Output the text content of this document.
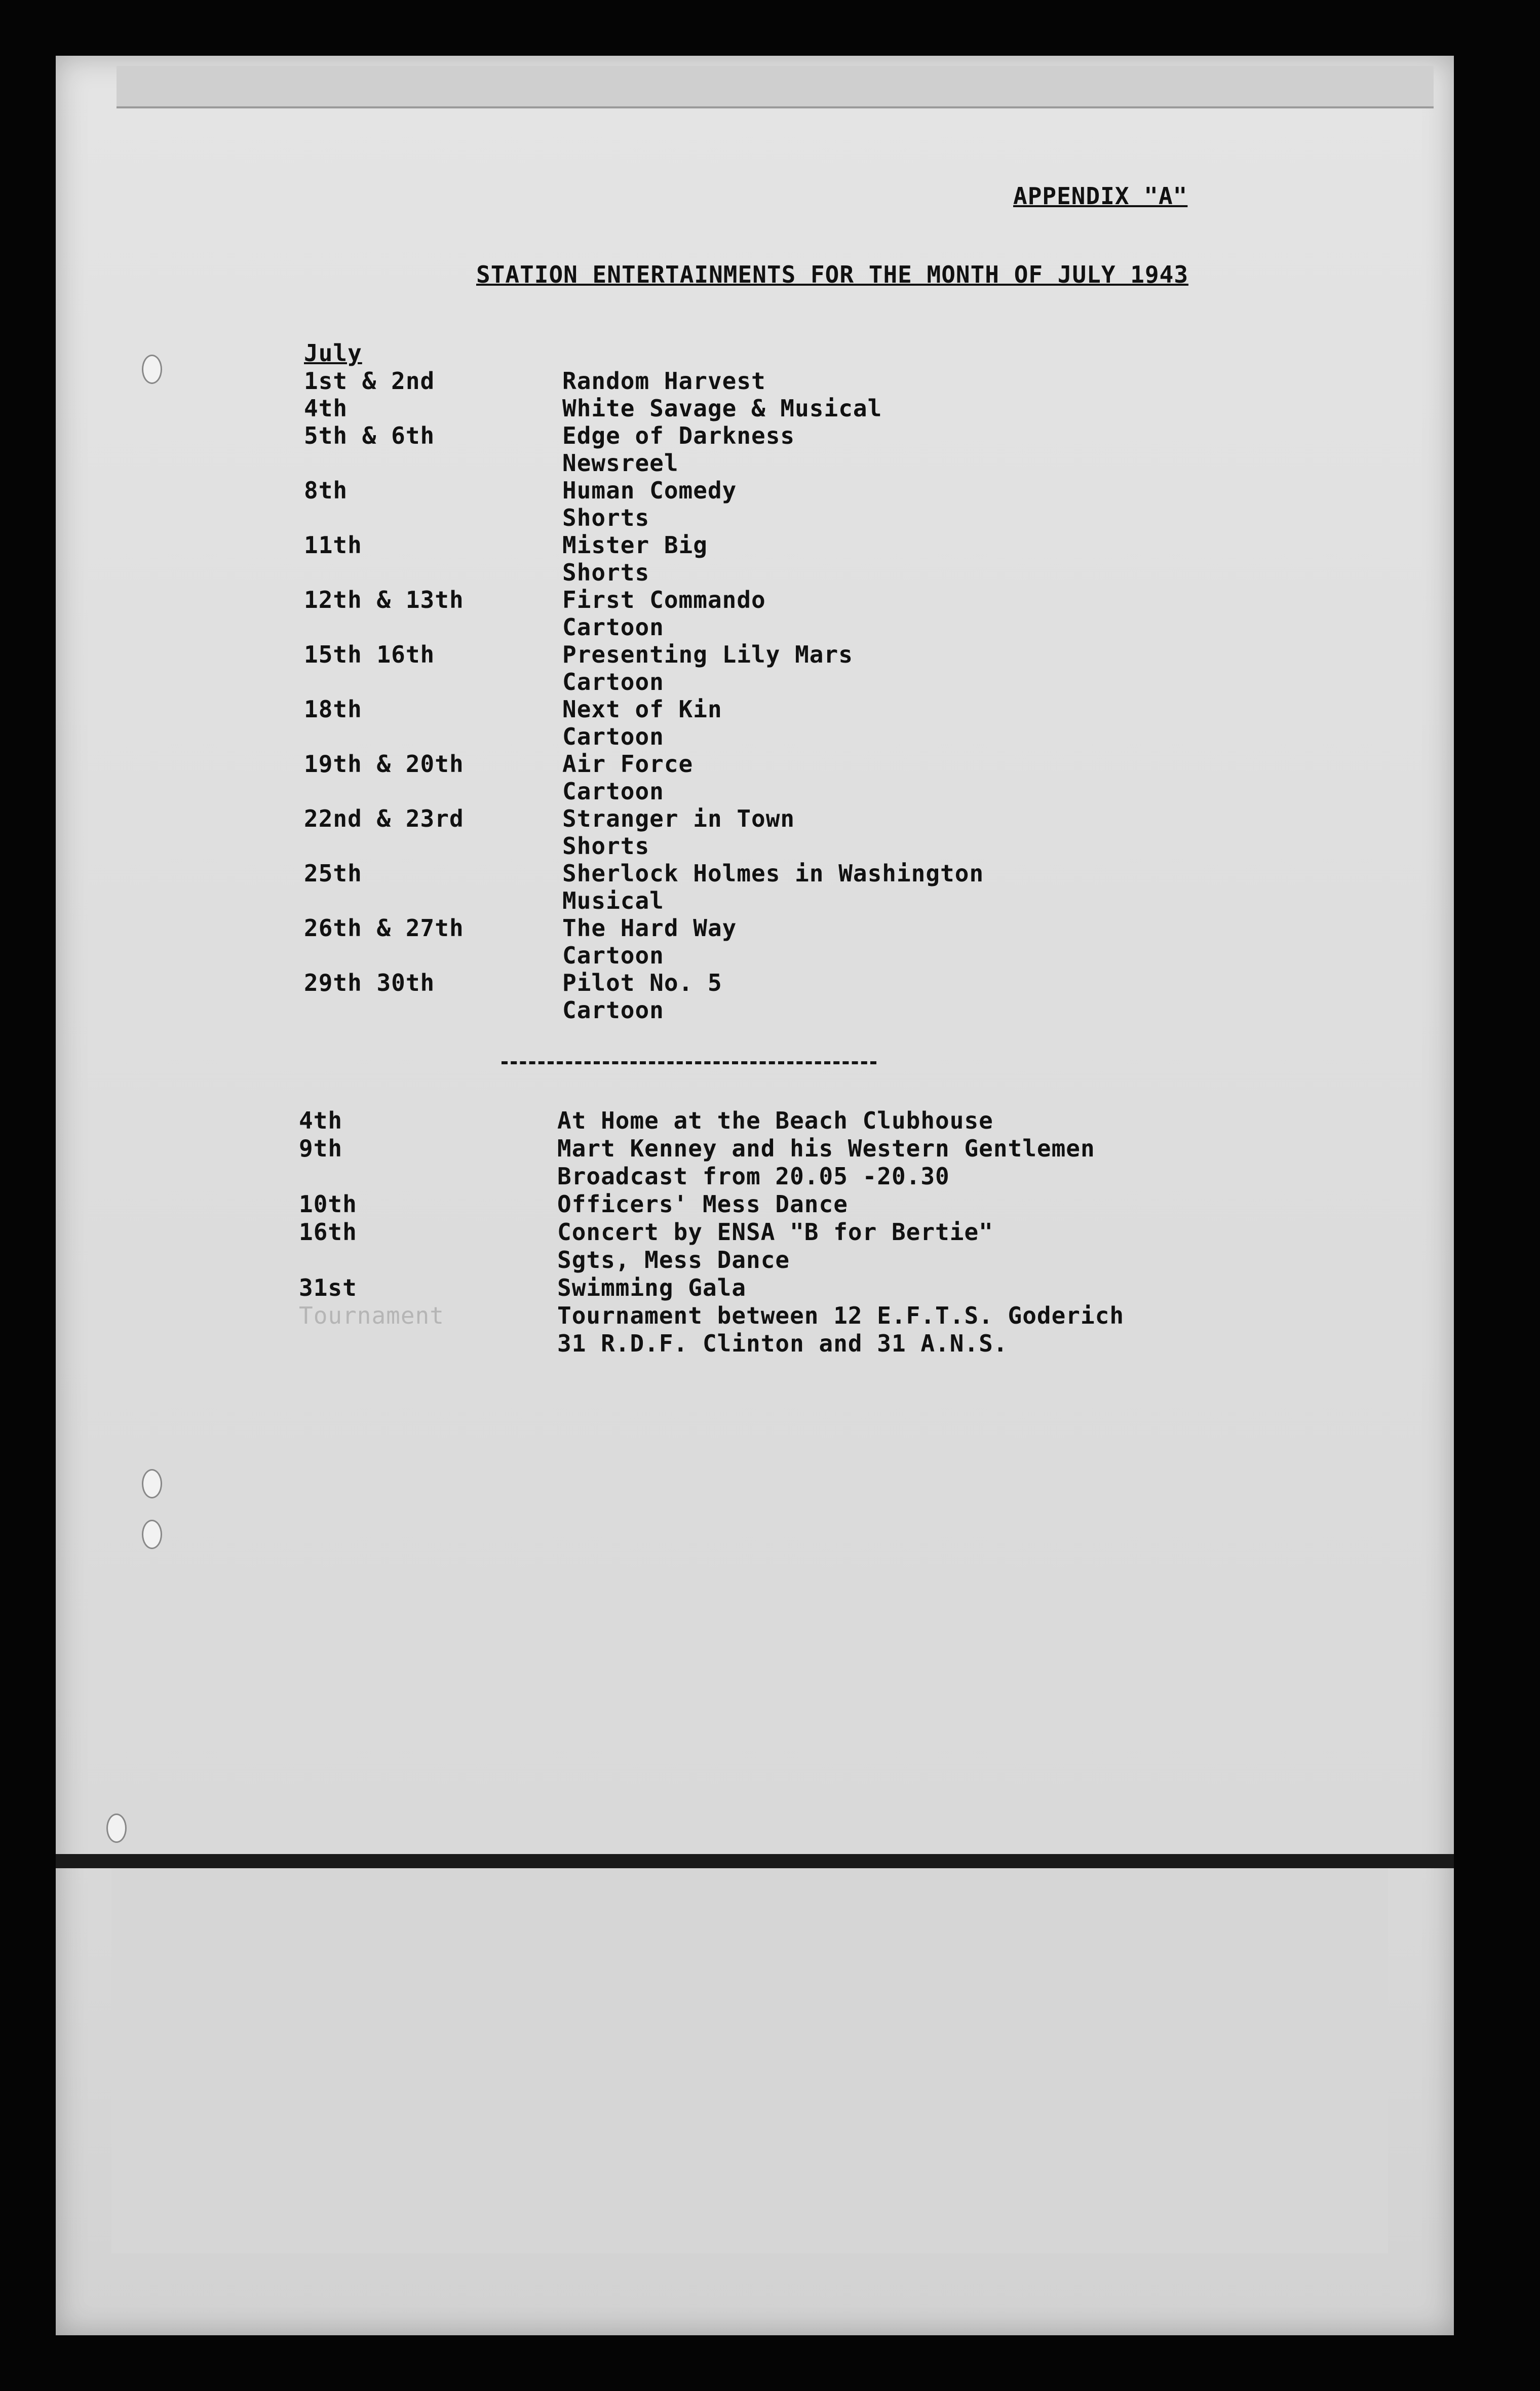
APPENDIX "A"
STATION ENTERTAINMENTS FOR THE MONTH OF JULY 1943
July
1st & 2nd	Random Harvest
4th	White Savage & Musical
5th & 6th	Edge of Darkness
Newsreel
8th	Human Comedy
Shorts
11th	Mister Big
Shorts
12th & 13th	First Commando
Cartoon
15th 16th	Presenting Lily Mars
Cartoon
18th	Next of Kin
Cartoon
19th & 20th	Air Force
Cartoon
22nd & 23rd	Stranger in Town
Shorts
25th	Sherlock Holmes in Washington
Musical
26th & 27th	The Hard Way
Cartoon
29th 30th	Pilot No. 5
Cartoon
4th	At Home at the Beach Clubhouse
9th	Mart Kenney and his Western Gentlemen
Broadcast from 20.05 -20.30
10th	Officers' Mess Dance
16th	Concert by ENSA "B for Bertie"
Sgts, Mess Dance
31st	Swimming Gala
Tournament	Tournament between 12 E.F.T.S. Goderich
31 R.D.F. Clinton and 31 A.N.S.
